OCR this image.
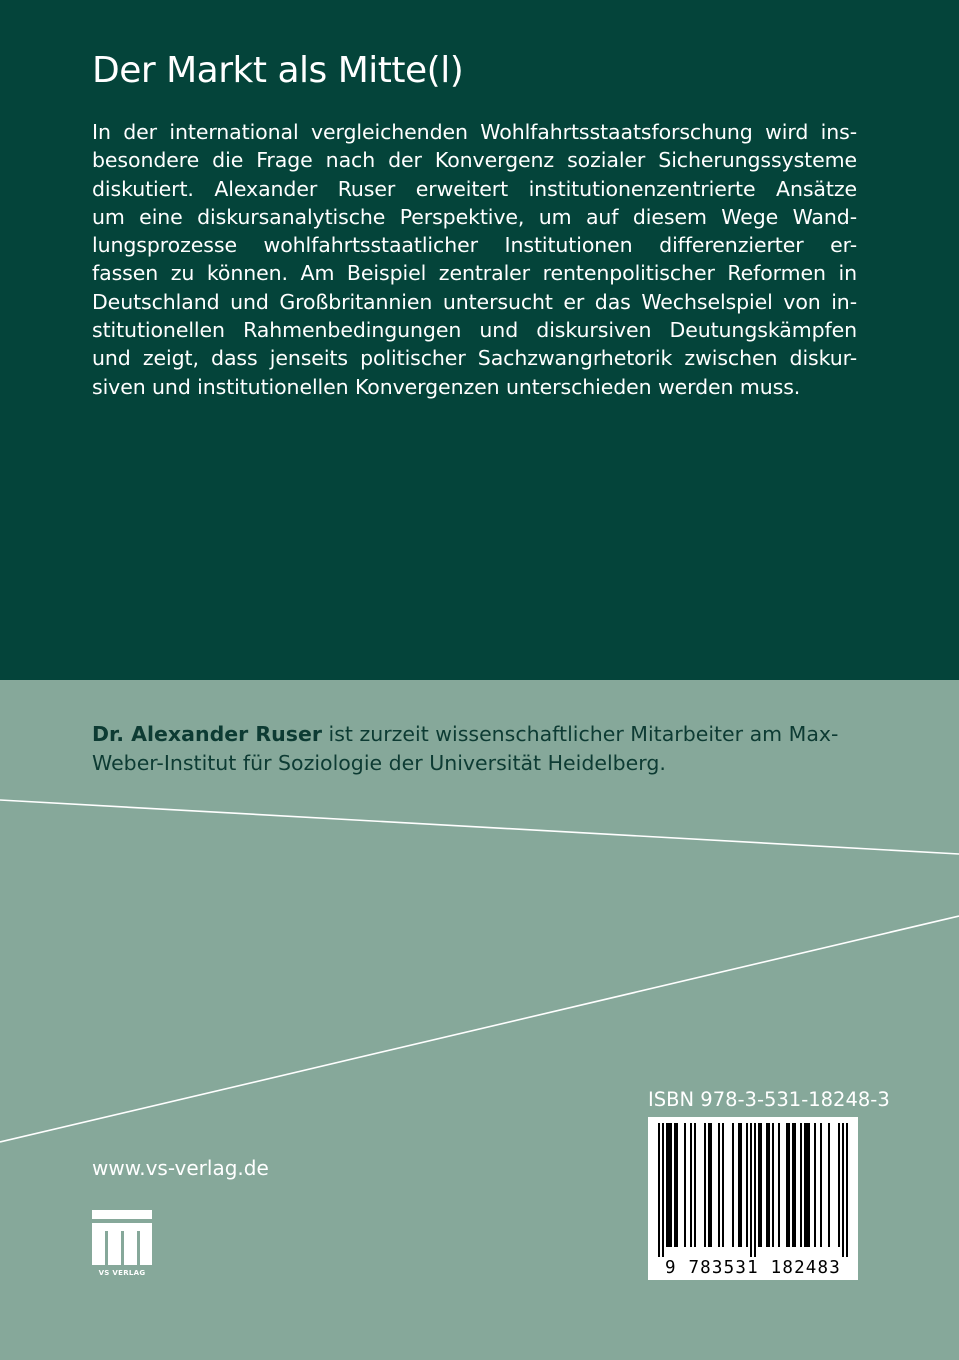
Der Markt als Mitte(l)
In der international vergleichenden Wohlfahrtsstaatsforschung wird ins-
besondere die Frage nach der Konvergenz sozialer Sicherungssysteme
diskutiert. Alexander Ruser erweitert institutionenzentrierte Ansätze
um eine diskursanalytische Perspektive, um auf diesem Wege Wand-
lungsprozesse wohlfahrtsstaatlicher Institutionen differenzierter er-
fassen zu können. Am Beispiel zentraler rentenpolitischer Reformen in
Deutschland und Großbritannien untersucht er das Wechselspiel von in-
stitutionellen Rahmenbedingungen und diskursiven Deutungskämpfen
und zeigt, dass jenseits politischer Sachzwangrhetorik zwischen diskur-
siven und institutionellen Konvergenzen unterschieden werden muss.
Dr. Alexander Ruser ist zurzeit wissenschaftlicher Mitarbeiter am Max-
Weber-Institut für Soziologie der Universität Heidelberg.
ISBN 978-3-531-18248-3
9 783531 182483
www.vs-verlag.de
VS VERLAG
